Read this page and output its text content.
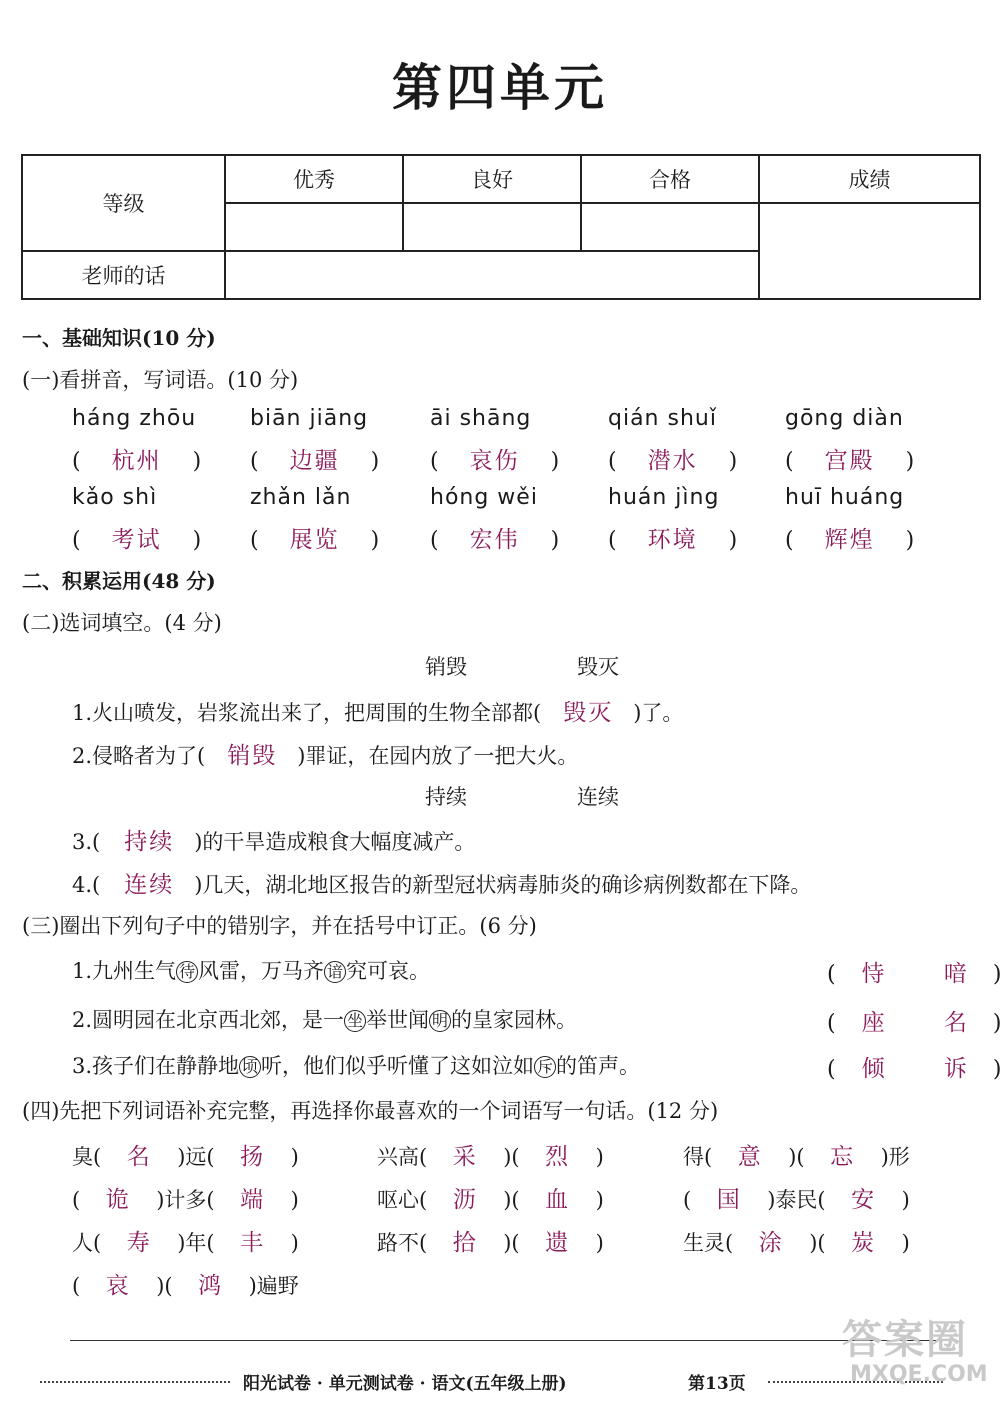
第四单元
等级	优秀	良好	合格	成绩

老师的话				
一、基础知识(10 分)
(一)看拼音，写词语。(10 分)
háng zhōu
( 杭州 )
biān jiāng
( 边疆 )
āi shāng
( 哀伤 )
qián shuǐ
( 潜水 )
gōng diàn
( 宫殿 )
kǎo shì
( 考试 )
zhǎn lǎn
( 展览 )
hóng wěi
( 宏伟 )
huán jìng
( 环境 )
huī huáng
( 辉煌 )
二、积累运用(48 分)
(二)选词填空。(4 分)
销毁	毁灭
1.火山喷发，岩浆流出来了，把周围的生物全部都( 毁灭 )了。
2.侵略者为了( 销毁 )罪证，在园内放了一把大火。
持续	连续
3.( 持续 )的干旱造成粮食大幅度减产。
4.( 连续 )几天，湖北地区报告的新型冠状病毒肺炎的确诊病例数都在下降。
(三)圈出下列句子中的错别字，并在括号中订正。(6 分)
1.九州生气 待 风雷，万马齐 谙 究可哀。	( 恃 喑)
2.圆明园在北京西北郊，是一 坐 举世闻 明 的皇家园林。	( 座 名)
3.孩子们在静静地 顷 听，他们似乎听懂了这如泣如 斥 的笛声。	( 倾 诉)
(四)先把下列词语补充完整，再选择你最喜欢的一个词语写一句话。(12 分)
臭( 名 )远( 扬 )	兴高( 采 )( 烈 )	得( 意 )( 忘 )形
( 诡 )计多( 端 )	呕心( 沥 )( 血 )	( 国 )泰民( 安 )
人( 寿 )年( 丰 )	路不( 拾 )( 遗 )	生灵( 涂 )( 炭 )
( 哀 )( 鸿 )遍野
阳光试卷 · 单元测试卷 · 语文(五年级上册)	第13页
答案圈
MXQE.COM
